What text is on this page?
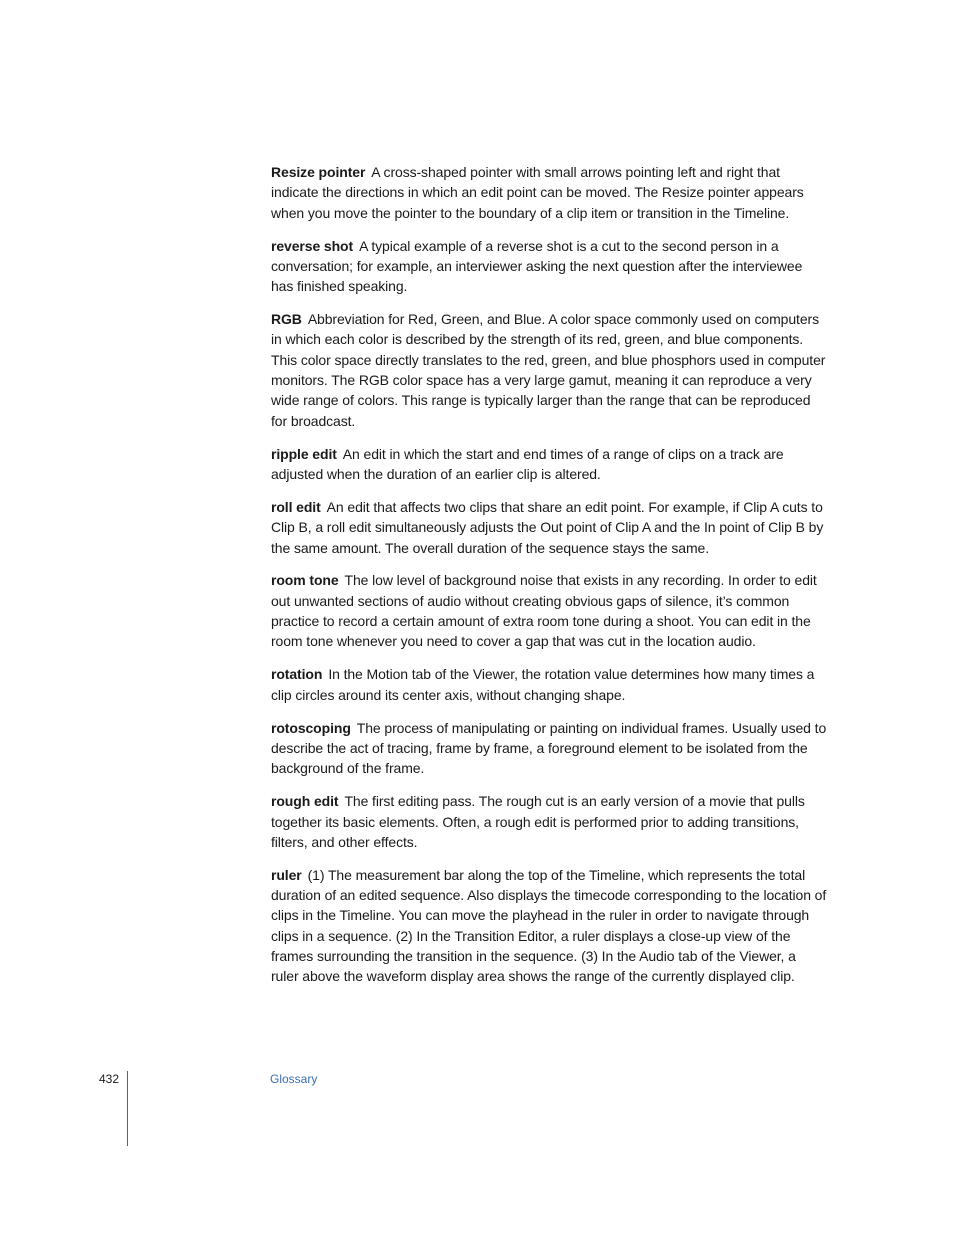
Resize pointer A cross-shaped pointer with small arrows pointing left and right that indicate the directions in which an edit point can be moved. The Resize pointer appears when you move the pointer to the boundary of a clip item or transition in the Timeline.

reverse shot A typical example of a reverse shot is a cut to the second person in a conversation; for example, an interviewer asking the next question after the interviewee has finished speaking.

RGB Abbreviation for Red, Green, and Blue. A color space commonly used on computers in which each color is described by the strength of its red, green, and blue components. This color space directly translates to the red, green, and blue phosphors used in computer monitors. The RGB color space has a very large gamut, meaning it can reproduce a very wide range of colors. This range is typically larger than the range that can be reproduced for broadcast.

ripple edit An edit in which the start and end times of a range of clips on a track are adjusted when the duration of an earlier clip is altered.

roll edit An edit that affects two clips that share an edit point. For example, if Clip A cuts to Clip B, a roll edit simultaneously adjusts the Out point of Clip A and the In point of Clip B by the same amount. The overall duration of the sequence stays the same.

room tone The low level of background noise that exists in any recording. In order to edit out unwanted sections of audio without creating obvious gaps of silence, it’s common practice to record a certain amount of extra room tone during a shoot. You can edit in the room tone whenever you need to cover a gap that was cut in the location audio.

rotation In the Motion tab of the Viewer, the rotation value determines how many times a clip circles around its center axis, without changing shape.

rotoscoping The process of manipulating or painting on individual frames. Usually used to describe the act of tracing, frame by frame, a foreground element to be isolated from the background of the frame.

rough edit The first editing pass. The rough cut is an early version of a movie that pulls together its basic elements. Often, a rough edit is performed prior to adding transitions, filters, and other effects.

ruler (1) The measurement bar along the top of the Timeline, which represents the total duration of an edited sequence. Also displays the timecode corresponding to the location of clips in the Timeline. You can move the playhead in the ruler in order to navigate through clips in a sequence. (2) In the Transition Editor, a ruler displays a close-up view of the frames surrounding the transition in the sequence. (3) In the Audio tab of the Viewer, a ruler above the waveform display area shows the range of the currently displayed clip.

432	Glossary
